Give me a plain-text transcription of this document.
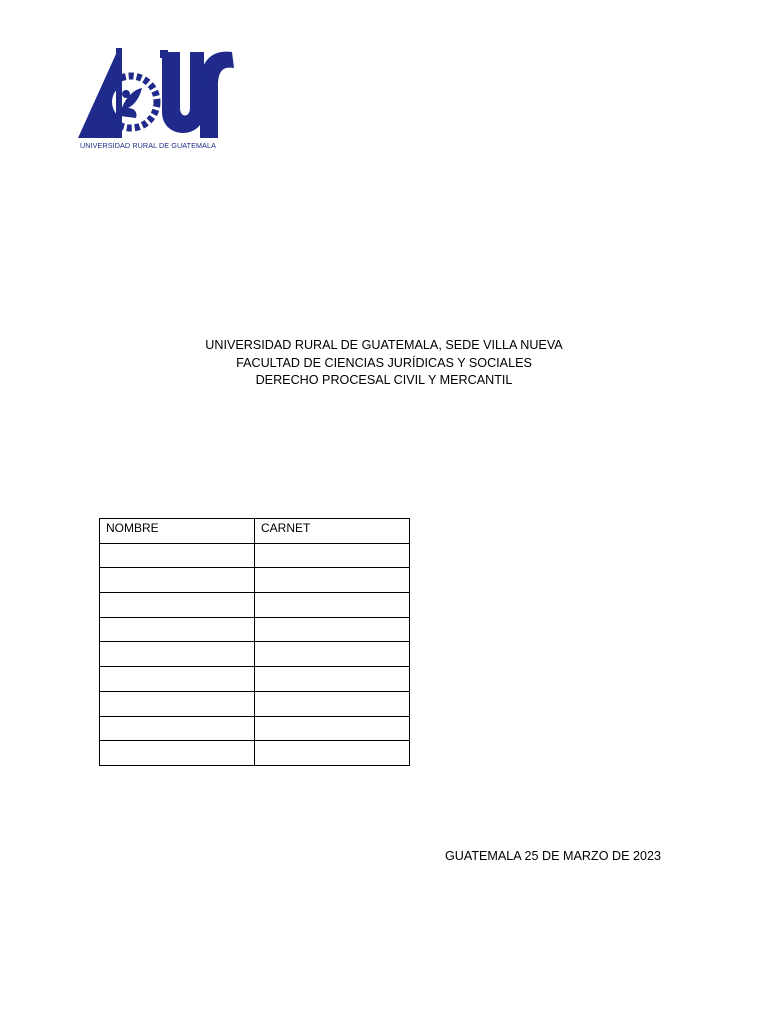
UNIVERSIDAD RURAL DE GUATEMALA
UNIVERSIDAD RURAL DE GUATEMALA, SEDE VILLA NUEVA
FACULTAD DE CIENCIAS JURÍDICAS Y SOCIALES
DERECHO PROCESAL CIVIL Y MERCANTIL
NOMBRE	CARNET

GUATEMALA 25 DE MARZO DE 2023
